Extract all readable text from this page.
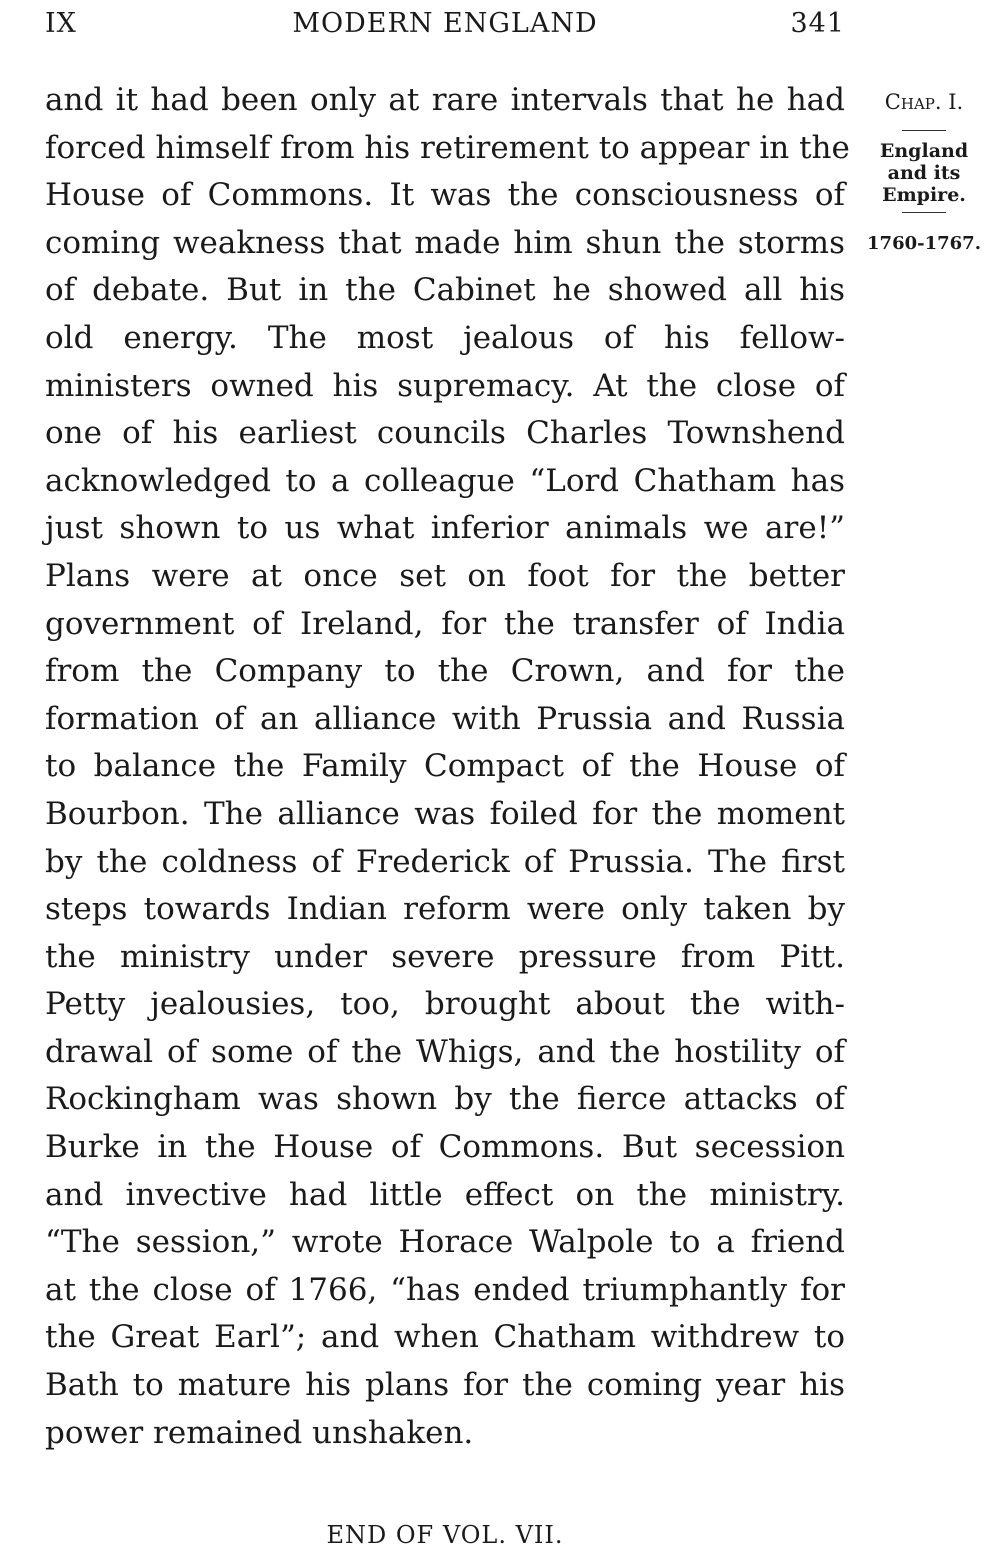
IX	MODERN ENGLAND	341
and it had been only at rare intervals that he had
forced himself from his retirement to appear in the
House of Commons. It was the consciousness of
coming weakness that made him shun the storms
of debate. But in the Cabinet he showed all his
old energy. The most jealous of his fellow-
ministers owned his supremacy. At the close of
one of his earliest councils Charles Townshend
acknowledged to a colleague “Lord Chatham has
just shown to us what inferior animals we are!”
Plans were at once set on foot for the better
government of Ireland, for the transfer of India
from the Company to the Crown, and for the
formation of an alliance with Prussia and Russia
to balance the Family Compact of the House of
Bourbon. The alliance was foiled for the moment
by the coldness of Frederick of Prussia. The first
steps towards Indian reform were only taken by
the ministry under severe pressure from Pitt.
Petty jealousies, too, brought about the with-
drawal of some of the Whigs, and the hostility of
Rockingham was shown by the fierce attacks of
Burke in the House of Commons. But secession
and invective had little effect on the ministry.
“The session,” wrote Horace Walpole to a friend
at the close of 1766, “has ended triumphantly for
the Great Earl”; and when Chatham withdrew to
Bath to mature his plans for the coming year his
power remained unshaken.
Chap. I.
England
and its
Empire.
1760-1767.
END OF VOL. VII.
